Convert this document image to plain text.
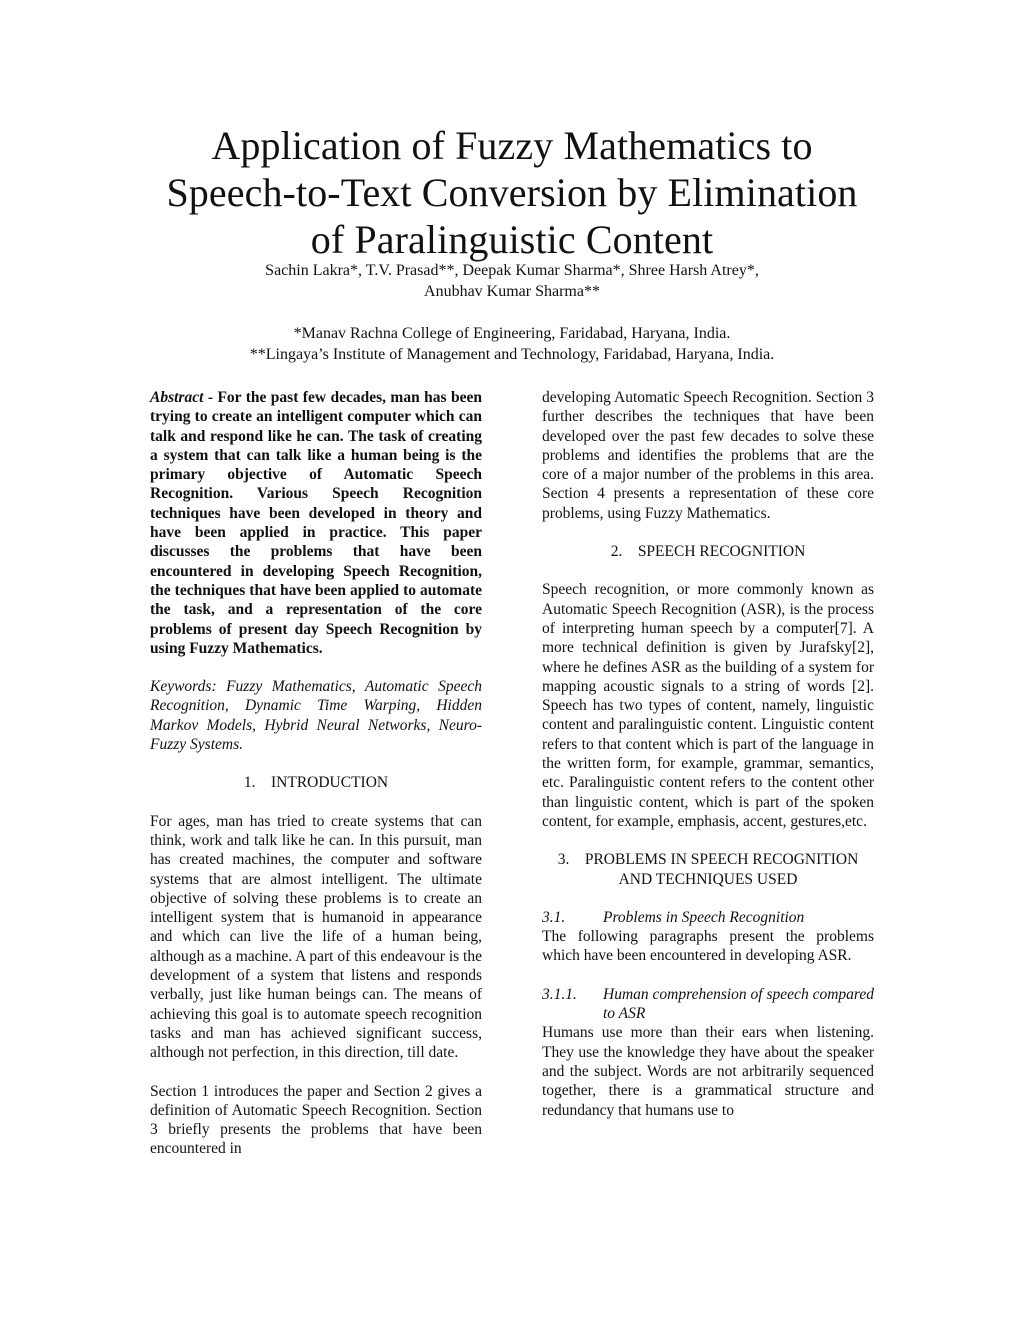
Application of Fuzzy Mathematics to
Speech-to-Text Conversion by Elimination
of Paralinguistic Content
Sachin Lakra*, T.V. Prasad**, Deepak Kumar Sharma*, Shree Harsh Atrey*,
Anubhav Kumar Sharma**
*Manav Rachna College of Engineering, Faridabad, Haryana, India.
**Lingaya’s Institute of Management and Technology, Faridabad, Haryana, India.

Abstract - For the past few decades, man has been trying to create an intelligent computer which can talk and respond like he can. The task of creating a system that can talk like a human being is the primary objective of Automatic Speech Recognition. Various Speech Recognition techniques have been developed in theory and have been applied in practice. This paper discusses the problems that have been encountered in developing Speech Recognition, the techniques that have been applied to automate the task, and a representation of the core problems of present day Speech Recognition by using Fuzzy Mathematics.

Keywords: Fuzzy Mathematics, Automatic Speech Recognition, Dynamic Time Warping, Hidden Markov Models, Hybrid Neural Networks, Neuro-Fuzzy Systems.

1.    INTRODUCTION

For ages, man has tried to create systems that can think, work and talk like he can. In this pursuit, man has created machines, the computer and software systems that are almost intelligent. The ultimate objective of solving these problems is to create an intelligent system that is humanoid in appearance and which can live the life of a human being, although as a machine. A part of this endeavour is the development of a system that listens and responds verbally, just like human beings can. The means of achieving this goal is to automate speech recognition tasks and man has achieved significant success, although not perfection, in this direction, till date.

Section 1 introduces the paper and Section 2 gives a definition of Automatic Speech Recognition. Section 3 briefly presents the problems that have been encountered in

developing Automatic Speech Recognition. Section 3 further describes the techniques that have been developed over the past few decades to solve these problems and identifies the problems that are the core of a major number of the problems in this area. Section 4 presents a representation of these core problems, using Fuzzy Mathematics.

2.    SPEECH RECOGNITION

Speech recognition, or more commonly known as Automatic Speech Recognition (ASR), is the process of interpreting human speech by a computer[7]. A more technical definition is given by Jurafsky[2], where he defines ASR as the building of a system for mapping acoustic signals to a string of words [2]. Speech has two types of content, namely, linguistic content and paralinguistic content. Linguistic content refers to that content which is part of the language in the written form, for example, grammar, semantics, etc. Paralinguistic content refers to the content other than linguistic content, which is part of the spoken content, for example, emphasis, accent, gestures,etc.

3.    PROBLEMS IN SPEECH RECOGNITION
AND TECHNIQUES USED
3.1.	Problems in Speech Recognition

The following paragraphs present the problems which have been encountered in developing ASR.

3.1.1.	Human comprehension of speech compared to ASR

Humans use more than their ears when listening. They use the knowledge they have about the speaker and the subject. Words are not arbitrarily sequenced together, there is a grammatical structure and redundancy that humans use to
